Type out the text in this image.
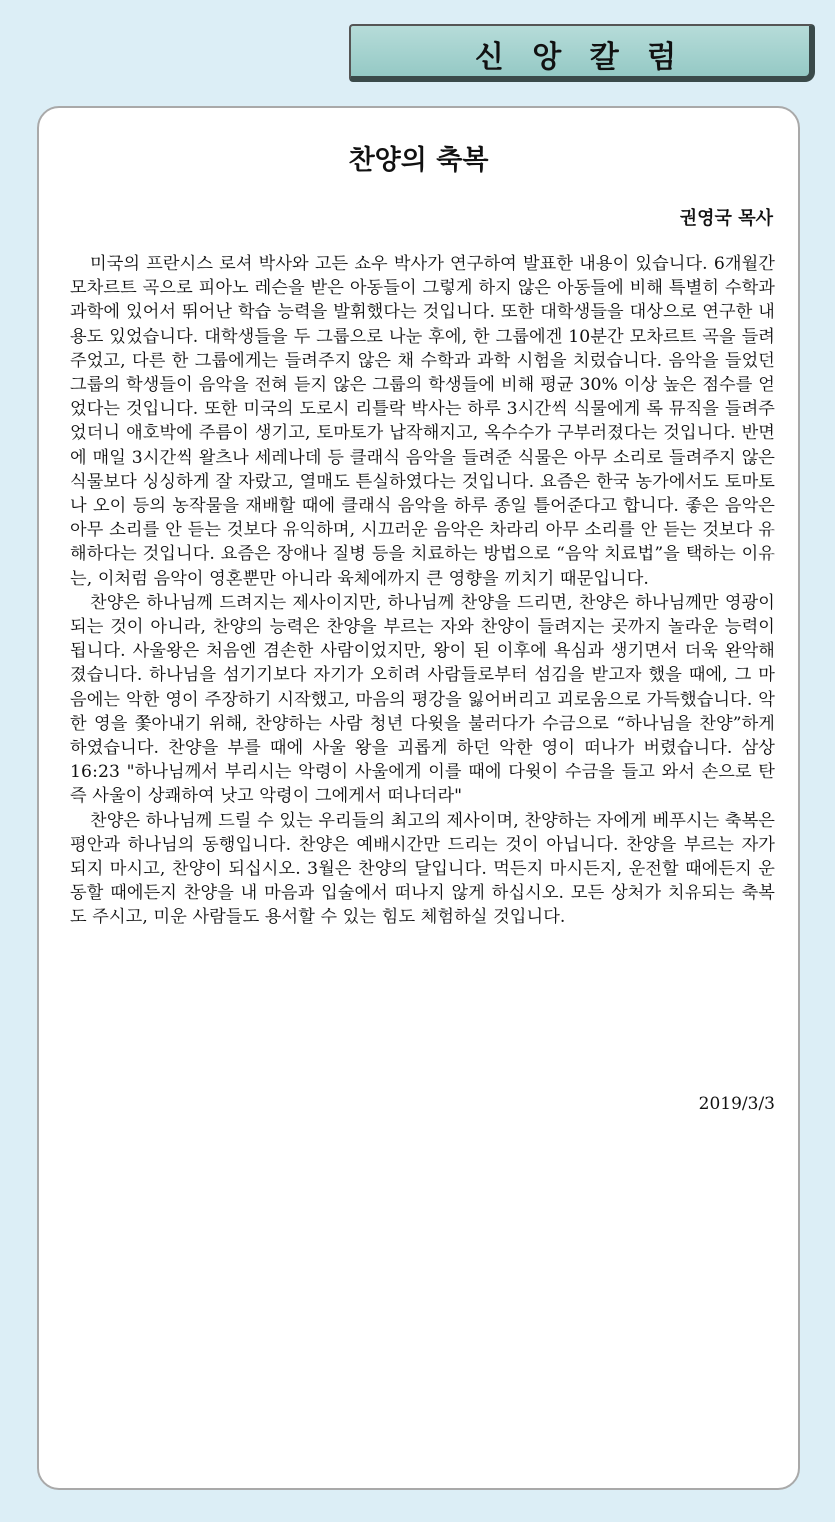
신 앙 칼 럼
찬양의 축복
권영국 목사

미국의 프란시스 로셔 박사와 고든 쇼우 박사가 연구하여 발표한 내용이 있습니다. 6개월간 모차르트 곡으로 피아노 레슨을 받은 아동들이 그렇게 하지 않은 아동들에 비해 특별히 수학과 과학에 있어서 뛰어난 학습 능력을 발휘했다는 것입니다. 또한 대학생들을 대상으로 연구한 내용도 있었습니다. 대학생들을 두 그룹으로 나눈 후에, 한 그룹에겐 10분간 모차르트 곡을 들려주었고, 다른 한 그룹에게는 들려주지 않은 채 수학과 과학 시험을 치렀습니다. 음악을 들었던 그룹의 학생들이 음악을 전혀 듣지 않은 그룹의 학생들에 비해 평균 30% 이상 높은 점수를 얻었다는 것입니다. 또한 미국의 도로시 리틀락 박사는 하루 3시간씩 식물에게 록 뮤직을 들려주었더니 애호박에 주름이 생기고, 토마토가 납작해지고, 옥수수가 구부러졌다는 것입니다. 반면에 매일 3시간씩 왈츠나 세레나데 등 클래식 음악을 들려준 식물은 아무 소리로 들려주지 않은 식물보다 싱싱하게 잘 자랐고, 열매도 튼실하였다는 것입니다. 요즘은 한국 농가에서도 토마토나 오이 등의 농작물을 재배할 때에 클래식 음악을 하루 종일 틀어준다고 합니다. 좋은 음악은 아무 소리를 안 듣는 것보다 유익하며, 시끄러운 음악은 차라리 아무 소리를 안 듣는 것보다 유해하다는 것입니다. 요즘은 장애나 질병 등을 치료하는 방법으로 “음악 치료법”을 택하는 이유는, 이처럼 음악이 영혼뿐만 아니라 육체에까지 큰 영향을 끼치기 때문입니다.

찬양은 하나님께 드려지는 제사이지만, 하나님께 찬양을 드리면, 찬양은 하나님께만 영광이 되는 것이 아니라, 찬양의 능력은 찬양을 부르는 자와 찬양이 들려지는 곳까지 놀라운 능력이 됩니다. 사울왕은 처음엔 겸손한 사람이었지만, 왕이 된 이후에 욕심과 생기면서 더욱 완악해졌습니다. 하나님을 섬기기보다 자기가 오히려 사람들로부터 섬김을 받고자 했을 때에, 그 마음에는 악한 영이 주장하기 시작했고, 마음의 평강을 잃어버리고 괴로움으로 가득했습니다. 악한 영을 쫓아내기 위해, 찬양하는 사람 청년 다윗을 불러다가 수금으로 “하나님을 찬양”하게 하였습니다. 찬양을 부를 때에 사울 왕을 괴롭게 하던 악한 영이 떠나가 버렸습니다. 삼상16:23 "하나님께서 부리시는 악령이 사울에게 이를 때에 다윗이 수금을 들고 와서 손으로 탄즉 사울이 상쾌하여 낫고 악령이 그에게서 떠나더라"

찬양은 하나님께 드릴 수 있는 우리들의 최고의 제사이며, 찬양하는 자에게 베푸시는 축복은 평안과 하나님의 동행입니다. 찬양은 예배시간만 드리는 것이 아닙니다. 찬양을 부르는 자가 되지 마시고, 찬양이 되십시오. 3월은 찬양의 달입니다. 먹든지 마시든지, 운전할 때에든지 운동할 때에든지 찬양을 내 마음과 입술에서 떠나지 않게 하십시오. 모든 상처가 치유되는 축복도 주시고, 미운 사람들도 용서할 수 있는 힘도 체험하실 것입니다.

2019/3/3
